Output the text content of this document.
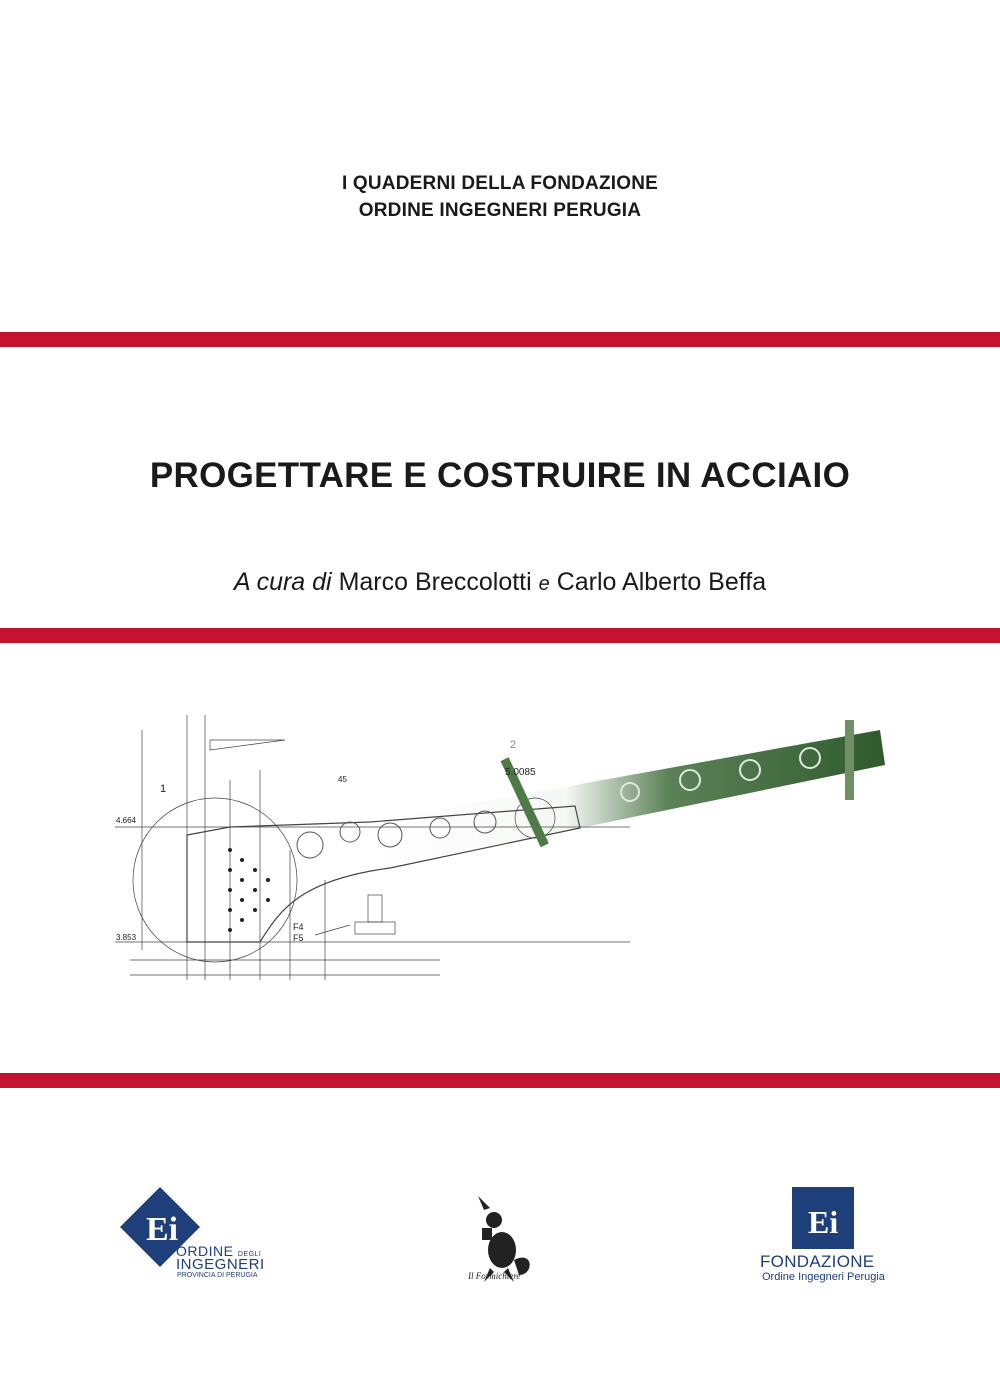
I QUADERNI DELLA FONDAZIONE
ORDINE INGEGNERI PERUGIA
PROGETTARE E COSTRUIRE IN ACCIAIO
A cura di Marco Breccolotti e Carlo Alberto Beffa
5.0085
1
2
45
4.664
3.853
F4
F5
Ei
ORDINE DEGLI
INGEGNERI
PROVINCIA DI PERUGIA	Il Formichiere
Ei
FONDAZIONE
Ordine Ingegneri Perugia
